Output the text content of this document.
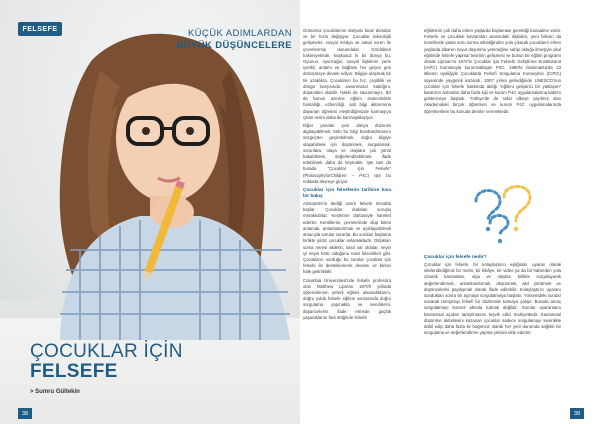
FELSEFE
ÇOCUKLAR İÇİN
FELSEFE
> Sumru Gültekin
38
KÜÇÜK ADIMLARDAN
BÜYÜK DÜŞÜNCELERE

Günümüz çocuklarının dünyası biraz dümdüz ve bir hızla değişiyor. Çocuklar teknolojik gelişmeler, sosyal medya ve sanal evren ile çevrelenmiş durumdalar. Gördükleri hakimiyetinde, kuşkusuz ki bir dünya bu. Oyunun, oyuncağın, sosyal ilişkilerin yerle içerikli, anlamı ve bağlamı her geçen gün dönüşmeye devam ediyor. Bilgiye ulaşmak bir tık uzaklıkta. Çocukların bu hız, çeşitlilik ve döngü karşısında savunmasız kaldığını, düşünülen olabilir. Hakkı de savunmayız. Bir de bunun üzerine eğitim sistemindeki hantallığı, ezberciliği, salt bilgi aktarımına dayanan öğretimi eleştirdiğimizde karmaşıya çıkan resim daha de karmaşıklaşıyor.

Diğer yandan yeni dünya düzenini algılayabilmek, türlü bu bilgi bombardımanını süzgeçten geçirebilmek, doğru bilgiye ulaşabilmek için düşünmek, sorgulamak, sorunlara, olaya ve olaylara çok yönlü bakabilmek, değerlendirebilmek, ifade edebilmek daha da keymaktı. İşte tam da burada “Çocuklar için Felsefe” (PhilosophyforChildren – P4C) işte bu noktada devreye giriyor.

Çocuklar için felsefenin tarihine kısa bir bakış

Aristoteles'in dediği üzere felsefe merakla başlar. Çocuklar dodalan soruşlu meraklıdırlar. Keşfetme dürtüsüyle hareket ederler. Kendilerini, çevrelerinde olup biteni anlamak, anlamlandırmak ve açıklayabilmek amacıyla sorular sorarlar. Bu soruları başlama birlikte yıldız çocuklar anlamaktadır. Oldukları soma neresi akilerki, nasıl var oldular, neyin iyi neyin kötü olduğunu nasıl bilecekleri gibi. Çocukların sorduğu bu sorular çocuklar için felsefe ile desteklenerek devamı ve birinci hale getirilebilir.

Columbia Üniversitesi'nde felsefe profesörü olan Matthew Lipman 1970'li yıllarda öğrencilerinin yeterli eğitimi alamadıklarını, doğru yolda felsefe eğitimi sonrasında doğru sorgulama yapmakta ve kendilerini, düşüncelerini ifade etmede güçlük yaşadıklarını fark ettiğinde felsefe

eğitiminin çok daha erken yaşlarda başlaması gerektiği kanaatine vardı. Felsefe ve çocukluk kavramları arasındaki ilişkiden, yeni bilinen da temellerde yatan soru sorma etkinliğinden yola çıkarak çocukların erken yaşlarda itibaren soyut düşünme yeteneğine sahip olduğu ilmeşiyle okul eğitimde felsefe yapma/ tesirinin gelişmesi ve bunun bir eğitim programı olarak Lipman'ın 1974'te Çocuklar için Felsefe Geliştirme Enstitüsünü (IAPC) kurmasıyla kurumsallaşan P4C, 1980'le Danimarka'da 23 ülkenin üyeliğiyle Çocuklarla Felsefi Sorgulama Konseyinin (ICPIC) sayesinde yaygınlık kazandı. 2007 yılına gelindiğinde UNESCO'nun çocuklar için felsefe hakkında aldığı “eğitimi geliştirici bir yaklaşım” kararının ardından daha fazla kişi ve kurum P4C uygulamalarına katılım göstermeye başladı. Türkiye'de de sekiz ülkeye yayılmış olan Akademideki birçok öğretmen ve kurum P4C uygulamalarında öğretmenlere bu konuda dersler vermektedir.

Çocuklar için felsefe nedir?

Çocuklar için felsefe, bir kolaylaştırıcı eşliğinde, uyaran olarak nitelendirdiğimiz bir metin, bir hikâye, bir video ya da bir haberden yola çıkarak kavramları, olgu ve olayları birlikte sorgulayarak değerlendirmek, anlamlandırmak, düşünmek, akıl yürütmek ve düşüncelerini paylaşmak olarak ifade edilebilir. Kolaylaştırıcı uyaranı sunduktan sonra bir açmaya sorgulatmaya başlatır. Yöntemdeki sorular sonarak tartışmayı felsefi bir düzlemde tutmaya çalışır. Burada amaç sorgulatmayı kontrol altında tutmak değildir. Sorular uyaranların kavramsal açıdan tartışılmasını teşvik edici mahiyettedir. Kavramsal düşünme aktivitesini kazanan çocuklar sadece sorgulamayı kesinlikle dahil edip daha fazla ile bağımsız olarak her yeni durumda sağlıklı bir sorgulama ve değerlendirme yapma yetisini elde ederler.

39
